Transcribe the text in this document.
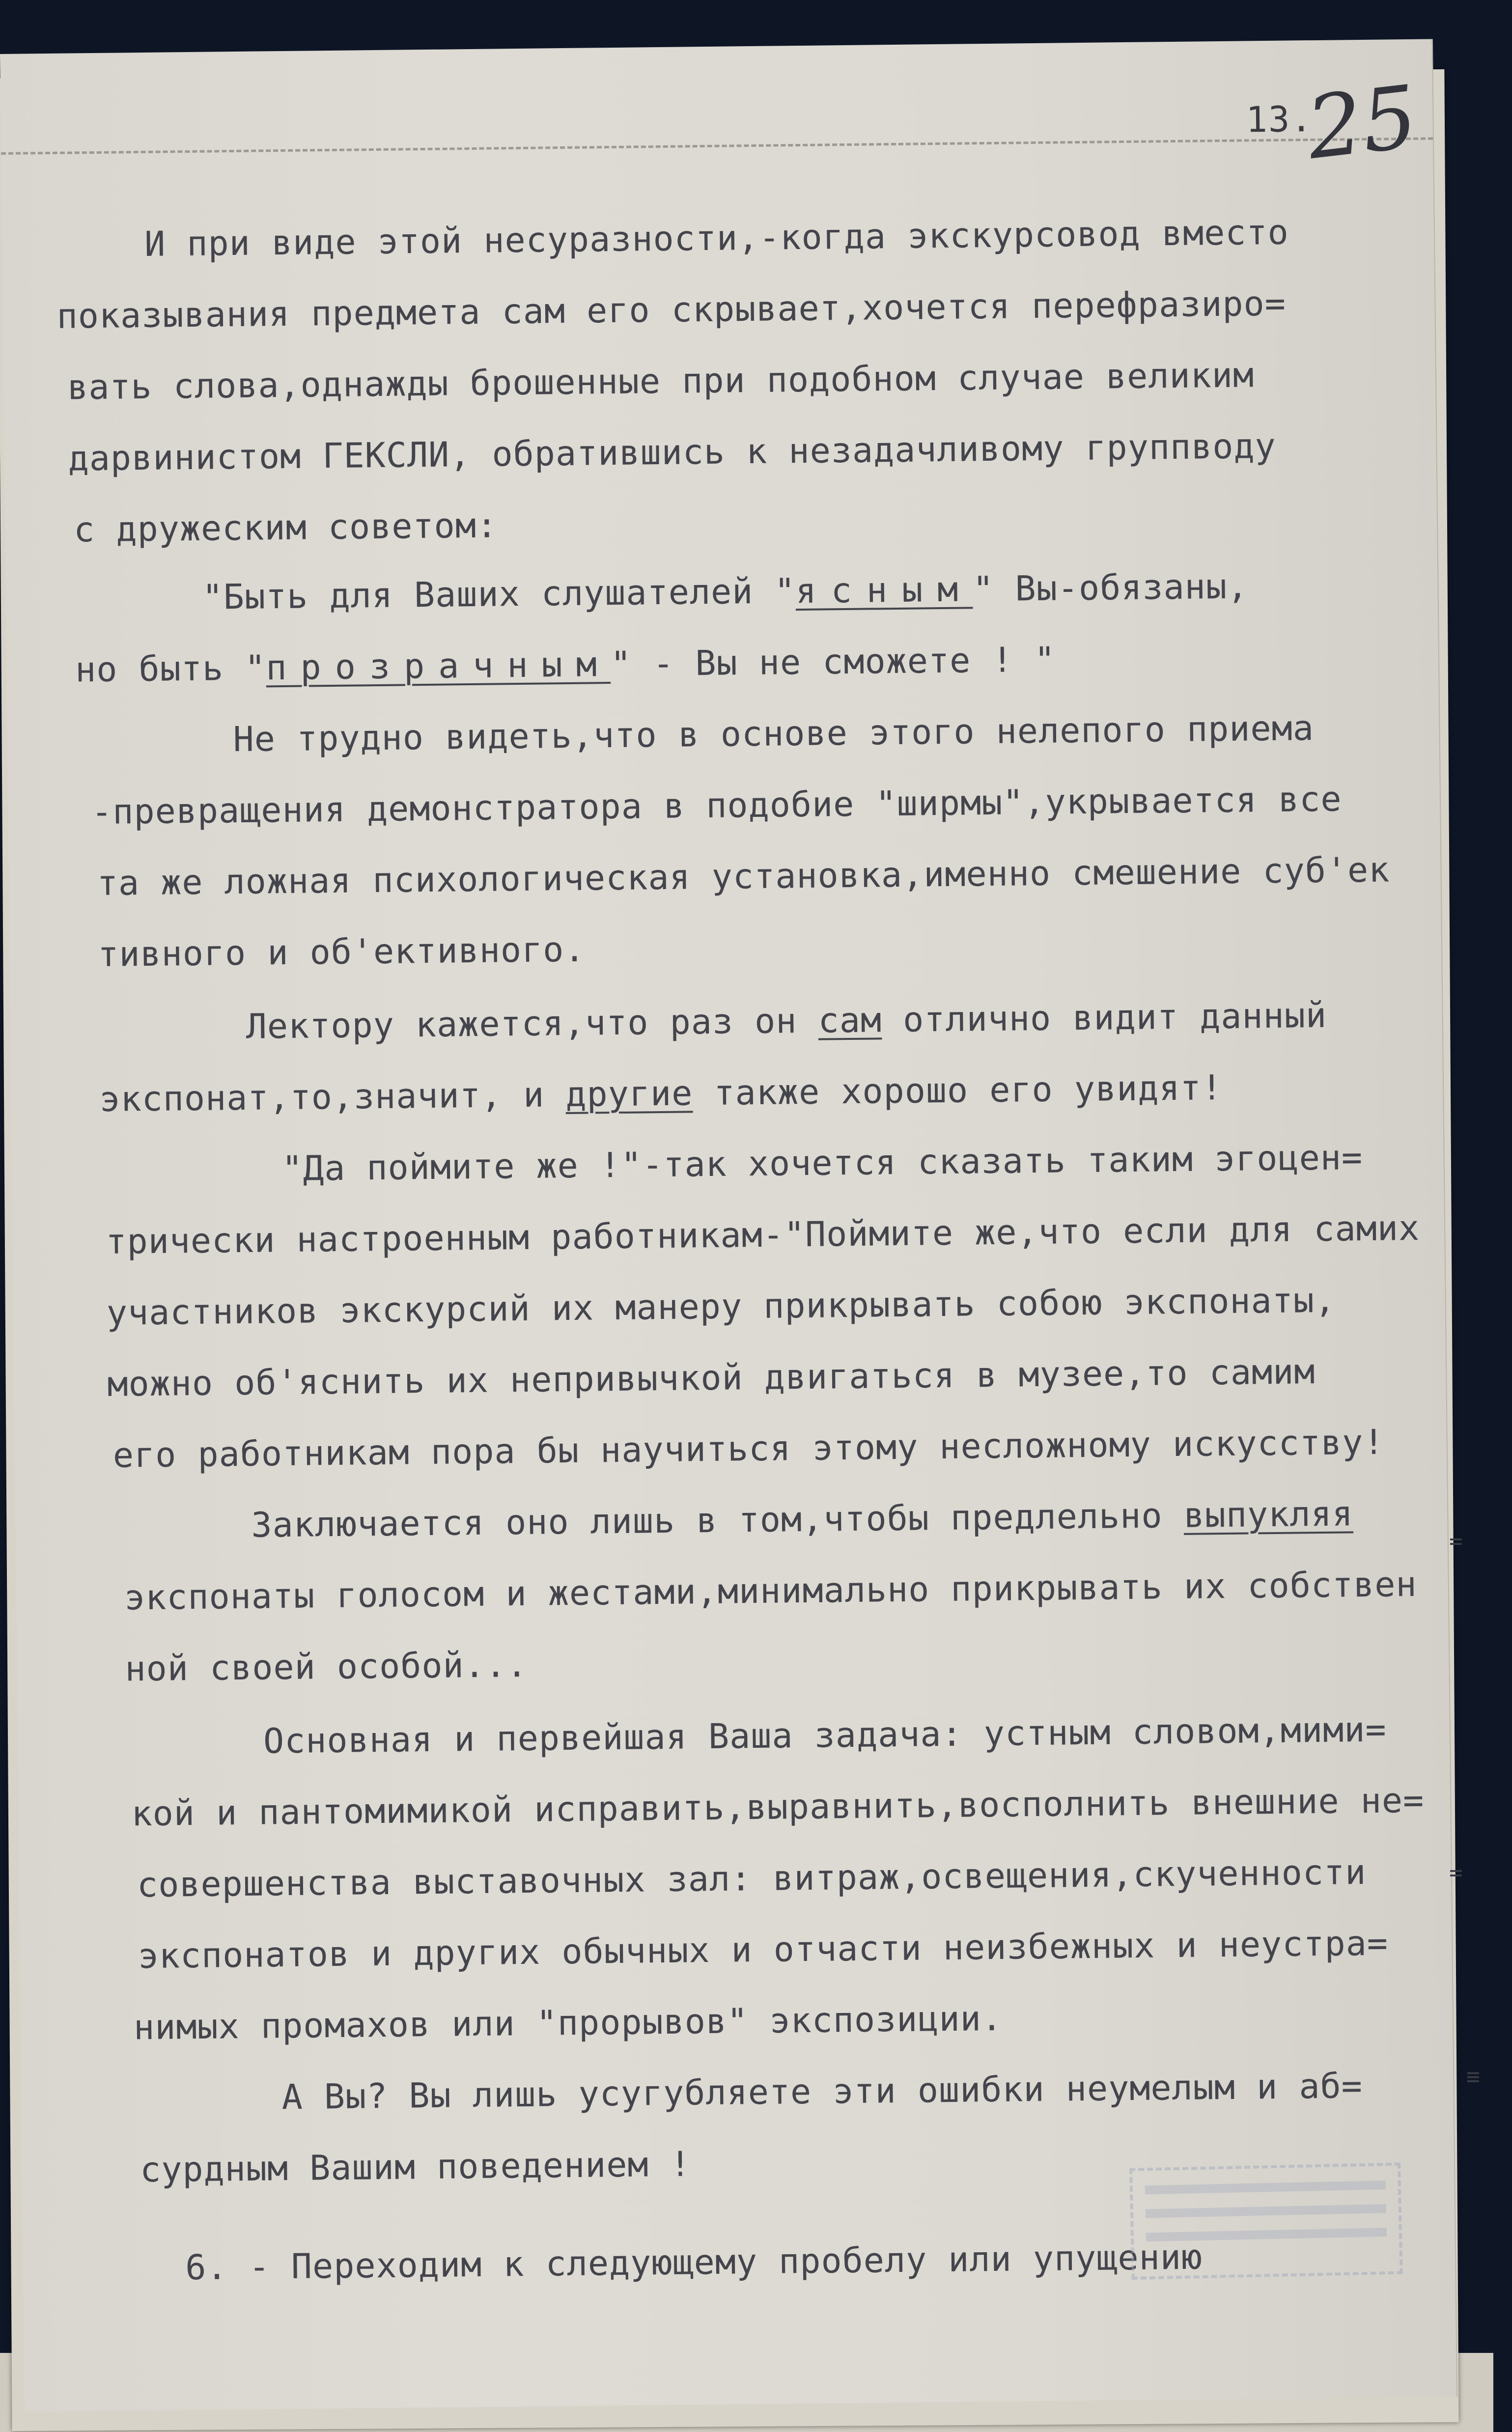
13.
25
И при виде этой несуразности,-когда экскурсовод вместо
показывания предмета сам его скрывает,хочется перефразиро=
вать слова,однажды брошенные при подобном случае великим
дарвинистом ГЕКСЛИ, обратившись к незадачливому группводу
с дружеским советом:
"Быть для Ваших слушателей "ясным" Вы-обязаны,
но быть "прозрачным" - Вы не сможете ! "
Не трудно видеть,что в основе этого нелепого приема
-превращения демонстратора в подобие "ширмы",укрывается все
та же ложная психологическая установка,именно смешение суб'ек
тивного и об'ективного.
Лектору кажется,что раз он сам отлично видит данный
экспонат,то,значит, и другие также хорошо его увидят!
"Да поймите же !"-так хочется сказать таким эгоцен=
трически настроенным работникам-"Поймите же,что если для самих
участников экскурсий их манеру прикрывать собою экспонаты,
можно об'яснить их непривычкой двигаться в музее,то самим
его работникам пора бы научиться этому несложному искусству!
Заключается оно лишь в том,чтобы предлельно выпукляя
экспонаты голосом и жестами,минимально прикрывать их собствен
ной своей особой...
Основная и первейшая Ваша задача: устным словом,мими=
кой и пантомимикой исправить,выравнить,восполнить внешние не=
совершенства выставочных зал: витраж,освещения,скученности
экспонатов и других обычных и отчасти неизбежных и неустра=
нимых промахов или "прорывов" экспозиции.
А Вы? Вы лишь усугубляете эти ошибки неумелым и аб=
сурдным Вашим поведением !
6. - Переходим к следующему пробелу или упущению
=
=
≡
